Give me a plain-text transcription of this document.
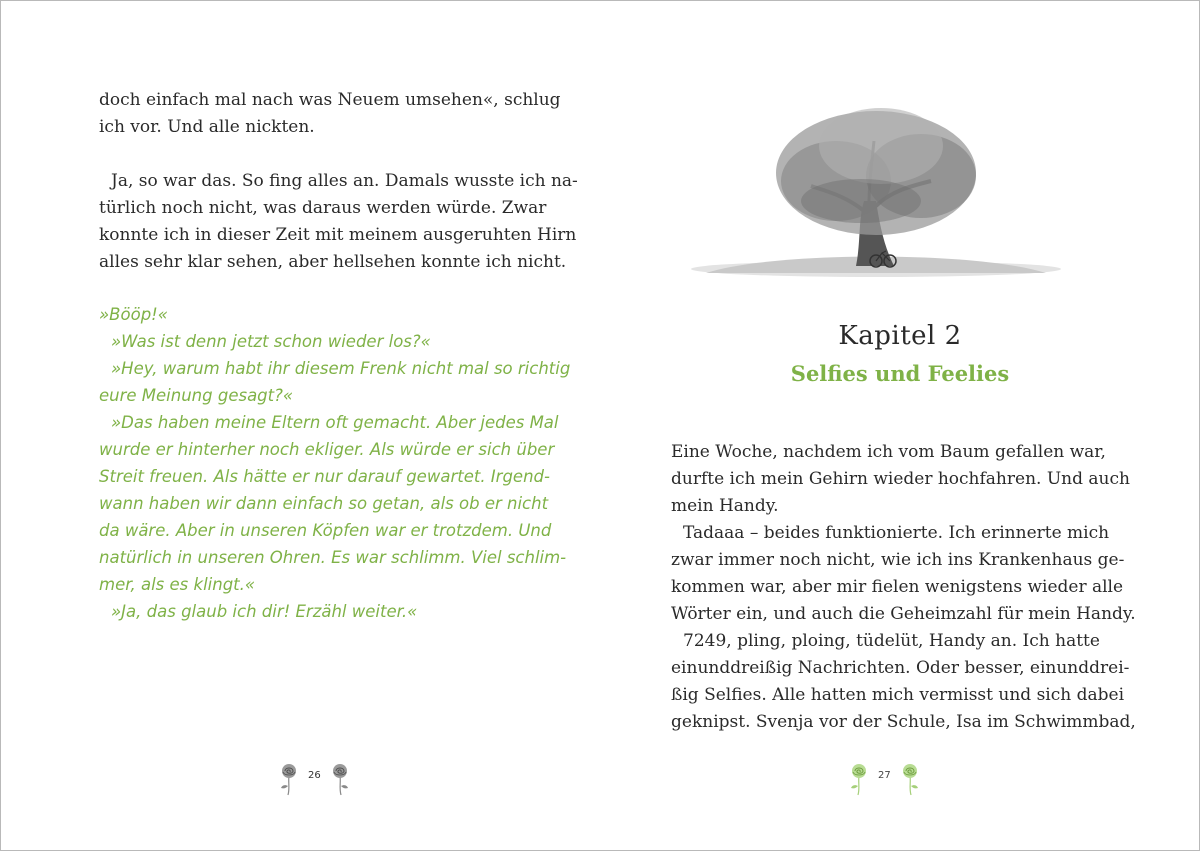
doch einfach mal nach was Neuem umsehen«, schlug
ich vor. Und alle nickten.
Ja, so war das. So fing alles an. Damals wusste ich na-
türlich noch nicht, was daraus werden würde. Zwar
konnte ich in dieser Zeit mit meinem ausgeruhten Hirn
alles sehr klar sehen, aber hellsehen konnte ich nicht.
»Bööp!«
»Was ist denn jetzt schon wieder los?«
»Hey, warum habt ihr diesem Frenk nicht mal so richtig
eure Meinung gesagt?«
»Das haben meine Eltern oft gemacht. Aber jedes Mal
wurde er hinterher noch ekliger. Als würde er sich über
Streit freuen. Als hätte er nur darauf gewartet. Irgend-
wann haben wir dann einfach so getan, als ob er nicht
da wäre. Aber in unseren Köpfen war er trotzdem. Und
natürlich in unseren Ohren. Es war schlimm. Viel schlim-
mer, als es klingt.«
»Ja, das glaub ich dir! Erzähl weiter.«
26
Kapitel 2
Selfies und Feelies
Eine Woche, nachdem ich vom Baum gefallen war,
durfte ich mein Gehirn wieder hochfahren. Und auch
mein Handy.
Tadaaa – beides funktionierte. Ich erinnerte mich
zwar immer noch nicht, wie ich ins Krankenhaus ge-
kommen war, aber mir fielen wenigstens wieder alle
Wörter ein, und auch die Geheimzahl für mein Handy.
7249, pling, ploing, tüdelüt, Handy an. Ich hatte
einunddreißig Nachrichten. Oder besser, einunddrei-
ßig Selfies. Alle hatten mich vermisst und sich dabei
geknipst. Svenja vor der Schule, Isa im Schwimmbad,
27
